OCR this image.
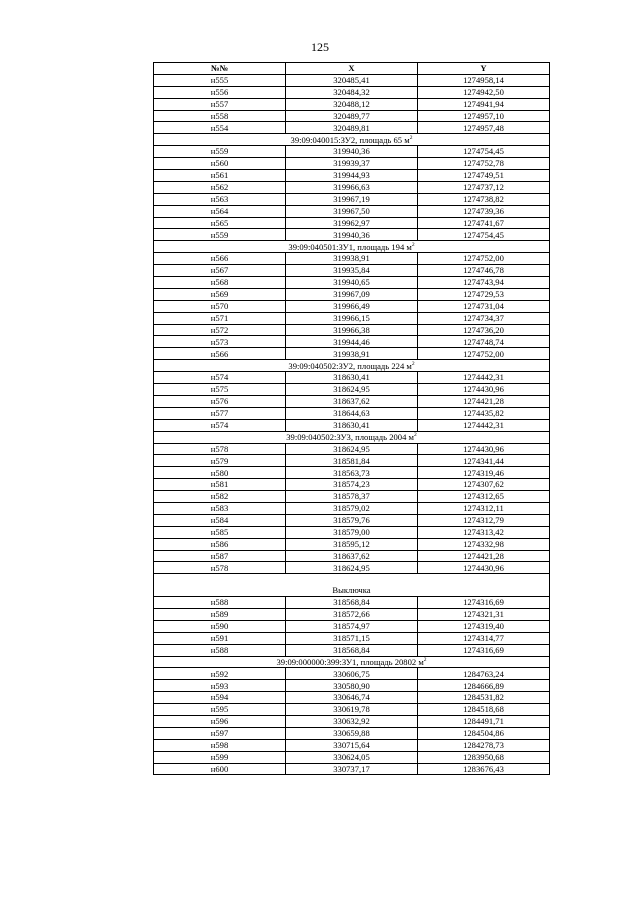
125
№№	X	Y
н555	320485,41	1274958,14
н556	320484,32	1274942,50
н557	320488,12	1274941,94
н558	320489,77	1274957,10
н554	320489,81	1274957,48
39:09:040015:ЗУ2, площадь 65 $м^2$
н559	319940,36	1274754,45
н560	319939,37	1274752,78
н561	319944,93	1274749,51
н562	319966,63	1274737,12
н563	319967,19	1274738,82
н564	319967,50	1274739,36
н565	319962,97	1274741,67
н559	319940,36	1274754,45
39:09:040501:ЗУ1, площадь 194 $м^2$
н566	319938,91	1274752,00
н567	319935,84	1274746,78
н568	319940,65	1274743,94
н569	319967,09	1274729,53
н570	319966,49	1274731,04
н571	319966,15	1274734,37
н572	319966,38	1274736,20
н573	319944,46	1274748,74
н566	319938,91	1274752,00
39:09:040502:ЗУ2, площадь 224 $м^2$
н574	318630,41	1274442,31
н575	318624,95	1274430,96
н576	318637,62	1274421,28
н577	318644,63	1274435,82
н574	318630,41	1274442,31
39:09:040502:ЗУ3, площадь 2004 $м^2$
н578	318624,95	1274430,96
н579	318581,84	1274341,44
н580	318563,73	1274319,46
н581	318574,23	1274307,62
н582	318578,37	1274312,65
н583	318579,02	1274312,11
н584	318579,76	1274312,79
н585	318579,00	1274313,42
н586	318595,12	1274332,98
н587	318637,62	1274421,28
н578	318624,95	1274430,96

Выключка		
н588	318568,84	1274316,69
н589	318572,66	1274321,31
н590	318574,97	1274319,40
н591	318571,15	1274314,77
н588	318568,84	1274316,69
39:09:000000:399:ЗУ1, площадь 20802 $м^2$
н592	330606,75	1284763,24
н593	330580,90	1284666,89
н594	330646,74	1284531,82
н595	330619,78	1284518,68
н596	330632,92	1284491,71
н597	330659,88	1284504,86
н598	330715,64	1284278,73
н599	330624,05	1283950,68
н600	330737,17	1283676,43
